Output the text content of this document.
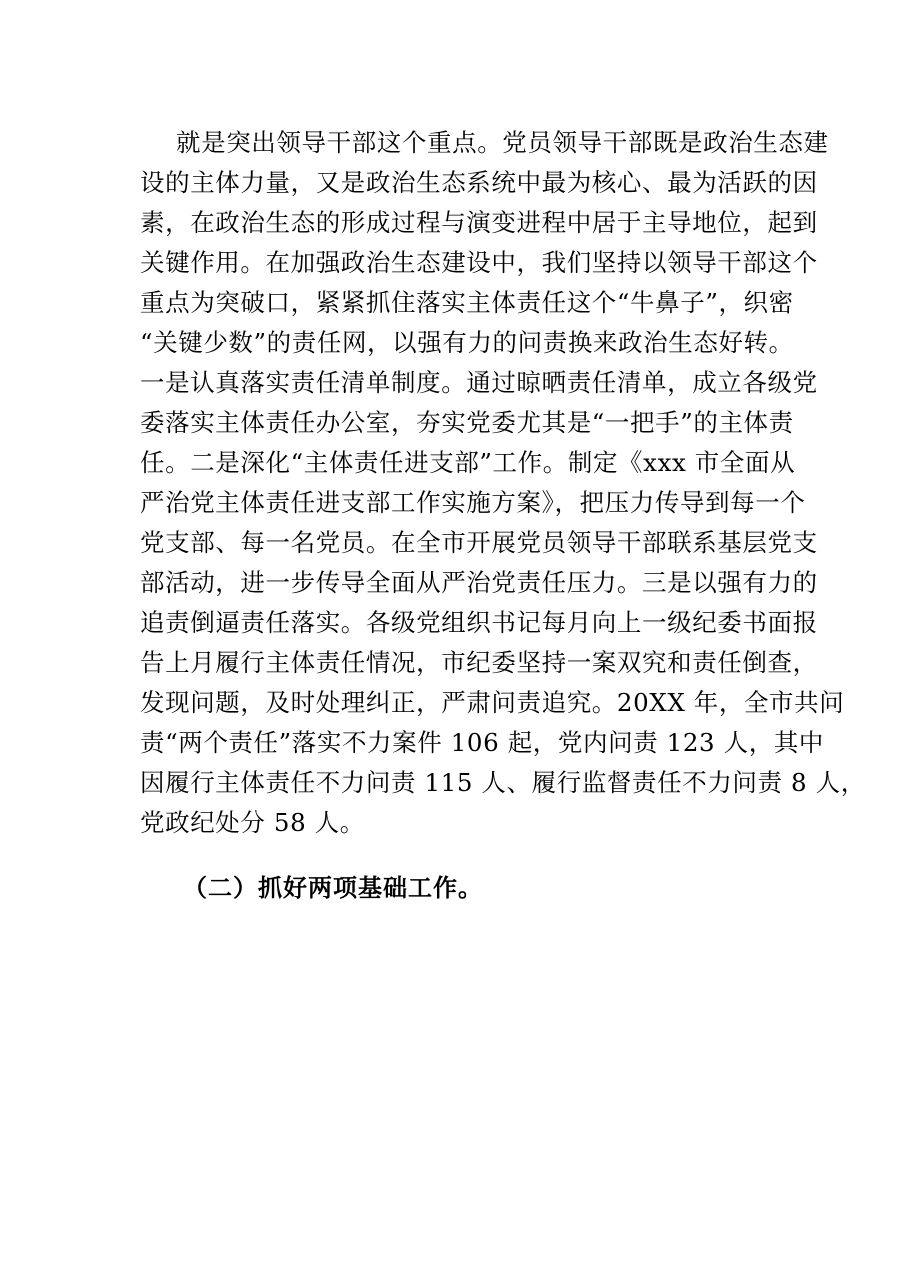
就是突出领导干部这个重点。党员领导干部既是政治生态建
设的主体力量，又是政治生态系统中最为核心、最为活跃的因
素，在政治生态的形成过程与演变进程中居于主导地位，起到
关键作用。在加强政治生态建设中，我们坚持以领导干部这个
重点为突破口，紧紧抓住落实主体责任这个“牛鼻子”，织密
“关键少数”的责任网，以强有力的问责换来政治生态好转。
一是认真落实责任清单制度。通过晾晒责任清单，成立各级党
委落实主体责任办公室，夯实党委尤其是“一把手”的主体责
任。二是深化“主体责任进支部”工作。制定《xxx 市全面从
严治党主体责任进支部工作实施方案》，把压力传导到每一个
党支部、每一名党员。在全市开展党员领导干部联系基层党支
部活动，进一步传导全面从严治党责任压力。三是以强有力的
追责倒逼责任落实。各级党组织书记每月向上一级纪委书面报
告上月履行主体责任情况，市纪委坚持一案双究和责任倒查，
发现问题，及时处理纠正，严肃问责追究。20XX 年，全市共问
责“两个责任”落实不力案件 106 起，党内问责 123 人，其中
因履行主体责任不力问责 115 人、履行监督责任不力问责 8 人，
党政纪处分 58 人。
（二）抓好两项基础工作。
